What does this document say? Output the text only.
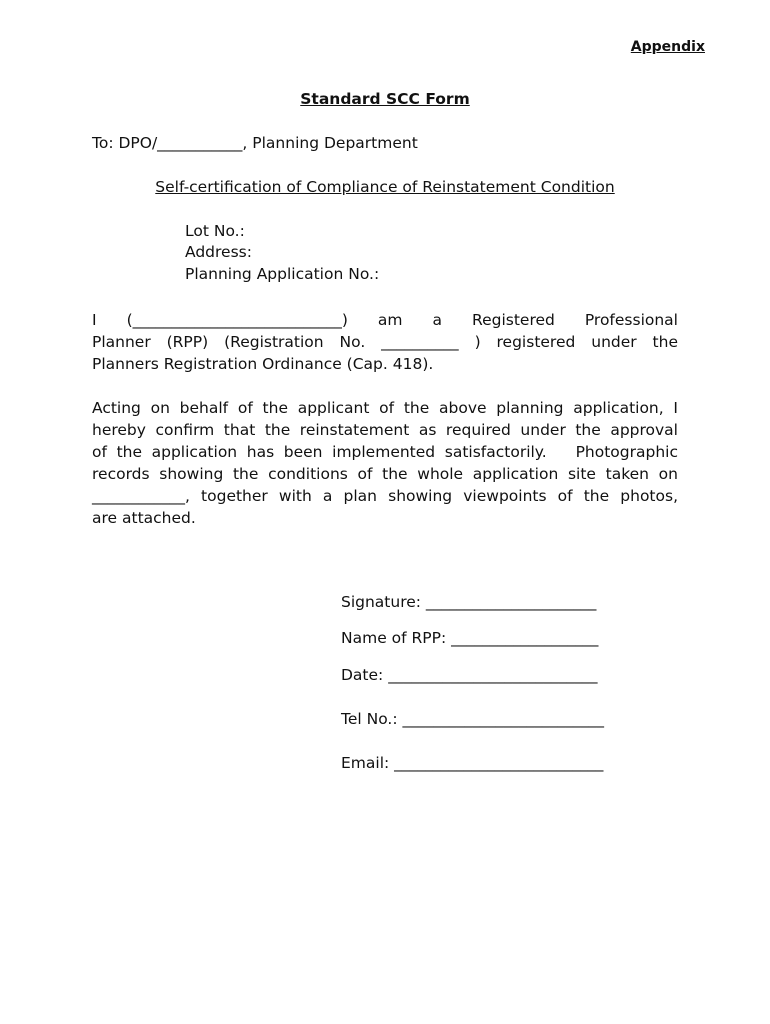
Appendix
Standard SCC Form
To: DPO/___________, Planning Department
Self-certification of Compliance of Reinstatement Condition
Lot No.:
Address:
Planning Application No.:
I (___________________________) am a Registered Professional
Planner (RPP) (Registration No. __________ ) registered under the
Planners Registration Ordinance (Cap. 418).
Acting on behalf of the applicant of the above planning application, I
hereby confirm that the reinstatement as required under the approval
of the application has been implemented satisfactorily.   Photographic
records showing the conditions of the whole application site taken on
____________, together with a plan showing viewpoints of the photos,
are attached.
Signature: ______________________
Name of RPP: ___________________
Date: ___________________________
Tel No.: __________________________
Email: ___________________________
